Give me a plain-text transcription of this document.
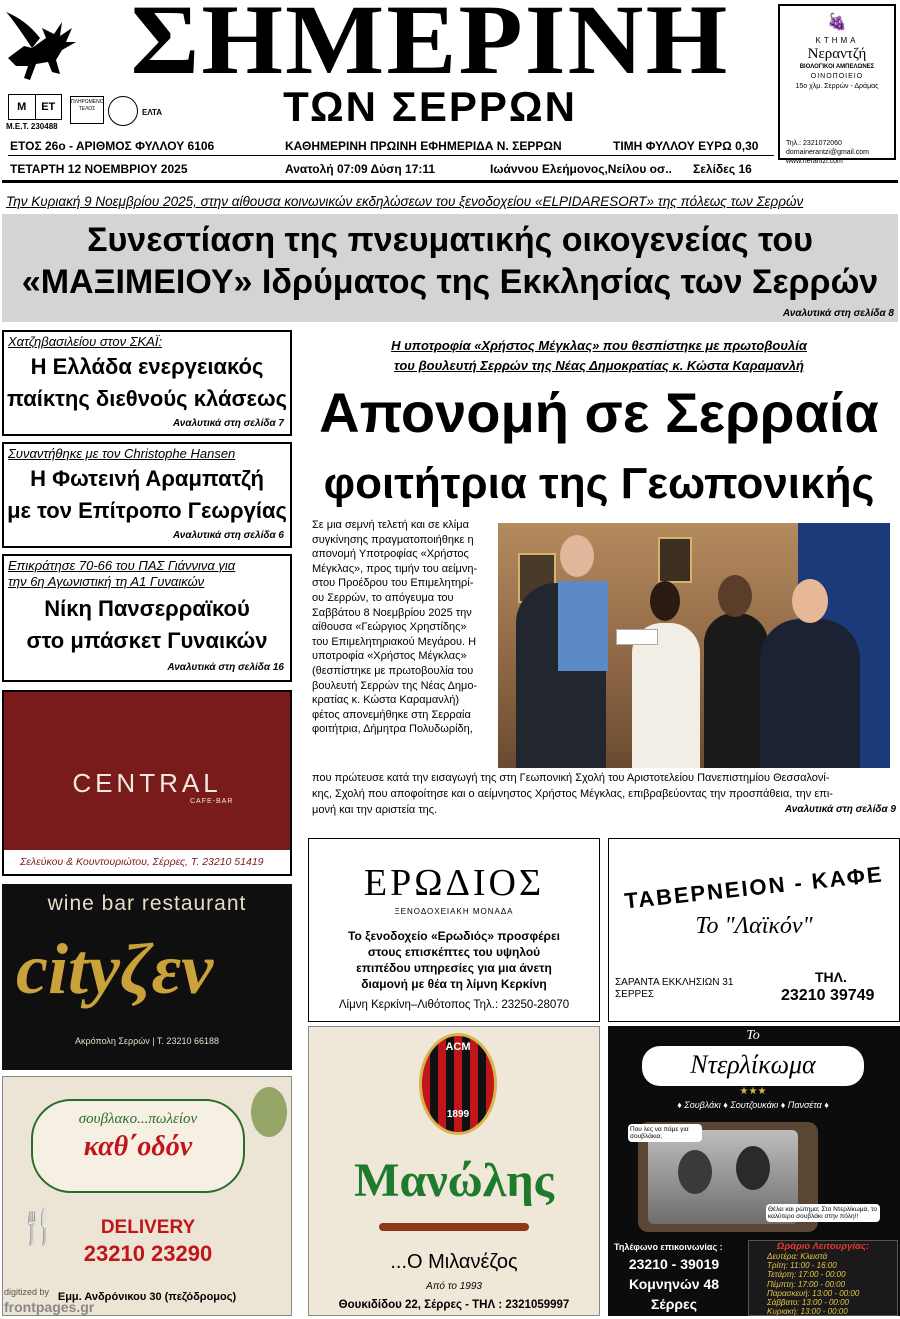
ΣΗΜΕΡΙΝΗ
ΤΩΝ ΣΕΡΡΩΝ
Μ	ΕΤ
Μ.Ε.Τ. 230488
ΠΛΗΡΩΜΕΝΟ ΤΕΛΟΣ	ΕΛΤΑ
🍇
ΚΤΗΜΑ
Νεραντζή
ΒΙΟΛΟΓΙΚΟΙ ΑΜΠΕΛΩΝΕΣ
ΟΙΝΟΠΟΙΕΙΟ
15ο χλμ. Σερρών - Δράμας
Τηλ.: 2321072060
domainerantzi@gmail.com
www.nerantzi.com
ΕΤΟΣ 26ο - ΑΡΙΘΜΟΣ ΦΥΛΛΟΥ 6106	ΚΑΘΗΜΕΡΙΝΗ ΠΡΩΙΝΗ ΕΦΗΜΕΡΙΔΑ Ν. ΣΕΡΡΩΝ	ΤΙΜΗ ΦΥΛΛΟΥ ΕΥΡΩ 0,30
ΤΕΤΑΡΤΗ 12 ΝΟΕΜΒΡΙΟΥ 2025	Ανατολή 07:09 Δύση 17:11	Ιωάννου Ελεήμονος,Νείλου οσ.. Σελίδες 16
Την Κυριακή 9 Νοεμβρίου 2025, στην αίθουσα κοινωνικών εκδηλώσεων του ξενοδοχείου «ELPIDARESORT» της πόλεως των Σερρών
Συνεστίαση της πνευματικής οικογενείας του
«ΜΑΞΙΜΕΙΟΥ» Ιδρύματος της Εκκλησίας των Σερρών
Αναλυτικά στη σελίδα 8
Χατζηβασιλείου στον ΣΚΑΪ:
Η Ελλάδα ενεργειακός
παίκτης διεθνούς κλάσεως
Αναλυτικά στη σελίδα 7
Συναντήθηκε με τον Christophe Hansen
Η Φωτεινή Αραμπατζή
με τον Επίτροπο Γεωργίας
Αναλυτικά στη σελίδα 6
Επικράτησε 70-66 του ΠΑΣ Γιάννινα για
την 6η Αγωνιστική τη Α1 Γυναικών
Νίκη Πανσερραϊκού
στο μπάσκετ Γυναικών
Αναλυτικά στη σελίδα 16
Η υποτροφία «Χρήστος Μέγκλας» που θεσπίστηκε με πρωτοβουλία
του βουλευτή Σερρών της Νέας Δημοκρατίας κ. Κώστα Καραμανλή
Απονομή σε Σερραία
φοιτήτρια της Γεωπονικής
Σε μια σεμνή τελετή και σε κλίμα
συγκίνησης πραγματοποιήθηκε η
απονομή Υποτροφίας «Χρήστος
Μέγκλας», προς τιμήν του αείμνη-
στου Προέδρου του Επιμελητηρί-
ου Σερρών, το απόγευμα του
Σαββάτου 8 Νοεμβρίου 2025 την
αίθουσα «Γεώργιος Χρηστίδης»
του Επιμελητηριακού Μεγάρου. Η
υποτροφία «Χρήστος Μέγκλας»
(θεσπίστηκε με πρωτοβουλία του
βουλευτή Σερρών της Νέας Δημο-
κρατίας κ. Κώστα Καραμανλή)
φέτος απονεμήθηκε στη Σερραία
φοιτήτρια, Δήμητρα Πολυδωρίδη,
που πρώτευσε κατά την εισαγωγή της στη Γεωπονική Σχολή του Αριστοτελείου Πανεπιστημίου Θεσσαλονί-
κης, Σχολή που αποφοίτησε και ο αείμνηστος Χρήστος Μέγκλας, επιβραβεύοντας την προσπάθεια, την επι-
μονή και την αριστεία της.	Αναλυτικά στη σελίδα 9
CENTRAL
CAFE-BAR
Σελεύκου & Κουντουριώτου, Σέρρες, Τ. 23210 51419
wine bar restaurant
cityζεν
Ακρόπολη Σερρών | Τ. 23210 66188
σουβλακο...πωλείον
καθ΄οδόν
🍴	DELIVERY
23210 23290
Εμμ. Ανδρόνικου 30 (πεζόδρομος)
digitized by
frontpages.gr
ΕΡΩΔΙΟΣ
ΞΕΝΟΔΟΧΕΙΑΚΗ ΜΟΝΑΔΑ
Το ξενοδοχείο «Ερωδιός» προσφέρει
στους επισκέπτες του υψηλού
επιπέδου υπηρεσίες για μια άνετη
διαμονή με θέα τη λίμνη Κερκίνη
Λίμνη Κερκίνη–Λιθότοπος Τηλ.: 23250-28070
ACM
1899
Μανώλης
...Ο Μιλανέζος
Από το 1993
Θουκιδίδου 22, Σέρρες - ΤΗΛ : 2321059997
ΤΑΒΕΡΝΕΙΟΝ - ΚΑΦΕ
Το "Λαϊκόν"
ΣΑΡΑΝΤΑ ΕΚΚΛΗΣΙΩΝ 31
ΣΕΡΡΕΣ
ΤΗΛ.
23210 39749
Το
Ντερλίκωμα
★★★
♦ Σουβλάκι ♦ Σουτζουκάκι ♦ Πανσέτα ♦
Που λες να πάμε για σουβλάκια;
Θέλει και ρώτημα; Στο Ντερλίκωμα, το καλύτερο σουβλάκι στην πόλη!!
Τηλέφωνο επικοινωνίας :
23210 - 39019
Κομνηνών 48
Σέρρες
Ωράριο Λειτουργίας:
Δευτέρα: Κλειστά
Τρίτη: 11:00 - 16:00
Τετάρτη: 17:00 - 00:00
Πέμπτη: 17:00 - 00:00
Παρασκευή: 13:00 - 00:00
Σάββατο: 13:00 - 00:00
Κυριακή: 13:00 - 00:00
